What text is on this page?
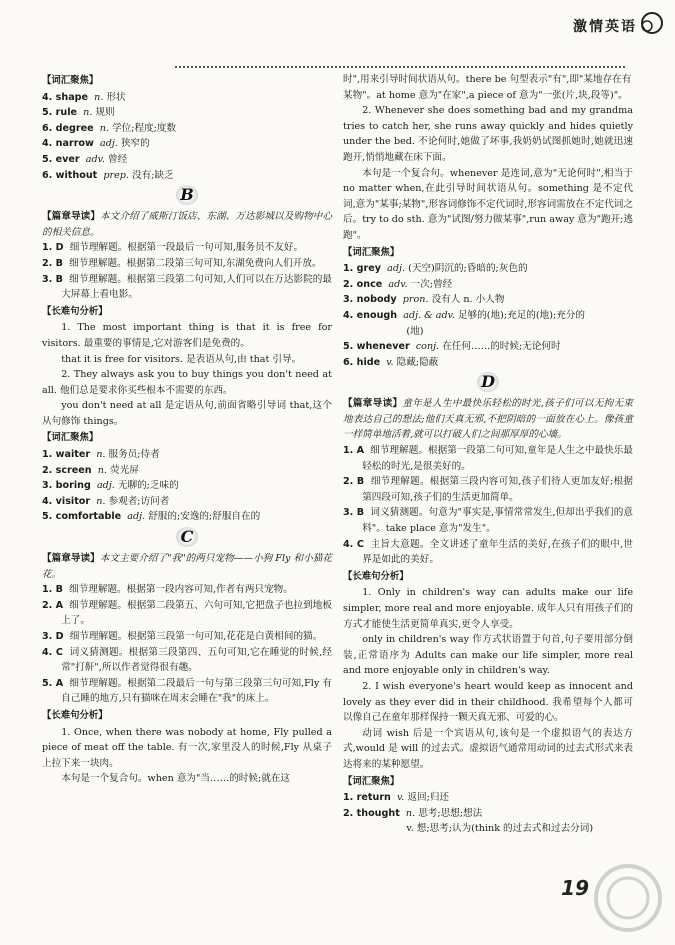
激情英语
【词汇聚焦】

4. shape n. 形状

5. rule n. 规则

6. degree n. 学位;程度;度数

4. narrow adj. 狭窄的

5. ever adv. 曾经

6. without prep. 没有;缺乏

B
【篇章导读】本文介绍了威斯汀饭店、东湖、万达影城以及购物中心的相关信息。

1. D 细节理解题。根据第一段最后一句可知,服务员不友好。

2. B 细节理解题。根据第二段第三句可知,东湖免费向人们开放。

3. B 细节理解题。根据第三段第二句可知,人们可以在万达影院的最大屏幕上看电影。

【长难句分析】

1. The most important thing is that it is free for visitors. 最重要的事情是,它对游客们是免费的。

that it is free for visitors. 是表语从句,由 that 引导。

2. They always ask you to buy things you don't need at all. 他们总是要求你买些根本不需要的东西。

you don't need at all 是定语从句,前面省略引导词 that,这个从句修饰 things。

【词汇聚焦】

1. waiter n. 服务员;侍者

2. screen n. 荧光屏

3. boring adj. 无聊的;乏味的

4. visitor n. 参观者;访问者

5. comfortable adj. 舒服的;安逸的;舒服自在的

C
【篇章导读】本文主要介绍了"我"的两只宠物——小狗 Fly 和小猫花花。

1. B 细节理解题。根据第一段内容可知,作者有两只宠物。

2. A 细节理解题。根据第二段第五、六句可知,它把盘子也拉到地板上了。

3. D 细节理解题。根据第三段第一句可知,花花是白黄相间的猫。

4. C 词义猜测题。根据第三段第四、五句可知,它在睡觉的时候,经常"打鼾",所以作者觉得很有趣。

5. A 细节理解题。根据第二段最后一句与第三段第三句可知,Fly 有自己睡的地方,只有猫咪在周末会睡在"我"的床上。

【长难句分析】

1. Once, when there was nobody at home, Fly pulled a piece of meat off the table. 有一次,家里没人的时候,Fly 从桌子上拉下来一块肉。

本句是一个复合句。when 意为"当……的时候;就在这

时",用来引导时间状语从句。there be 句型表示"有",即"某地存在有某物"。at home 意为"在家",a piece of 意为"一张(片,块,段等)"。

2. Whenever she does something bad and my grandma tries to catch her, she runs away quickly and hides quietly under the bed. 不论何时,她做了坏事,我奶奶试图抓她时,她就迅速跑开,悄悄地藏在床下面。

本句是一个复合句。whenever 是连词,意为"无论何时",相当于 no matter when,在此引导时间状语从句。something 是不定代词,意为"某事;某物",形容词修饰不定代词时,形容词需放在不定代词之后。try to do sth. 意为"试图/努力做某事",run away 意为"跑开;逃跑"。

【词汇聚焦】

1. grey adj. (天空)阴沉的;昏暗的;灰色的

2. once adv. 一次;曾经

3. nobody pron. 没有人 n. 小人物

4. enough adj. & adv. 足够的(地);充足的(地);充分的

(地)

5. whenever conj. 在任何……的时候;无论何时

6. hide v. 隐藏;隐蔽

D
【篇章导读】童年是人生中最快乐轻松的时光,孩子们可以无拘无束地表达自己的想法;他们天真无邪,不把阴暗的一面放在心上。像孩童一样简单地活着,就可以打破人们之间那厚厚的心墙。

1. A 细节理解题。根据第一段第二句可知,童年是人生之中最快乐最轻松的时光,是很美好的。

2. B 细节理解题。根据第三段内容可知,孩子们待人更加友好;根据第四段可知,孩子们的生活更加简单。

3. B 词义猜测题。句意为"事实是,事情常常发生,但却出乎我们的意料"。take place 意为"发生"。

4. C 主旨大意题。全文讲述了童年生活的美好,在孩子们的眼中,世界是如此的美好。

【长难句分析】

1. Only in children's way can adults make our life simpler, more real and more enjoyable. 成年人只有用孩子们的方式才能使生活更简单真实,更令人享受。

only in children's way 作方式状语置于句首,句子要用部分倒装,正常语序为 Adults can make our life simpler, more real and more enjoyable only in children's way.

2. I wish everyone's heart would keep as innocent and lovely as they ever did in their childhood. 我希望每个人都可以像自己在童年那样保持一颗天真无邪、可爱的心。

动词 wish 后是一个宾语从句,该句是一个虚拟语气的表达方式,would 是 will 的过去式。虚拟语气通常用动词的过去式形式来表达将来的某种愿望。

【词汇聚焦】

1. return v. 返回;归还

2. thought n. 思考;思想;想法

v. 想;思考;认为(think 的过去式和过去分词)

19
